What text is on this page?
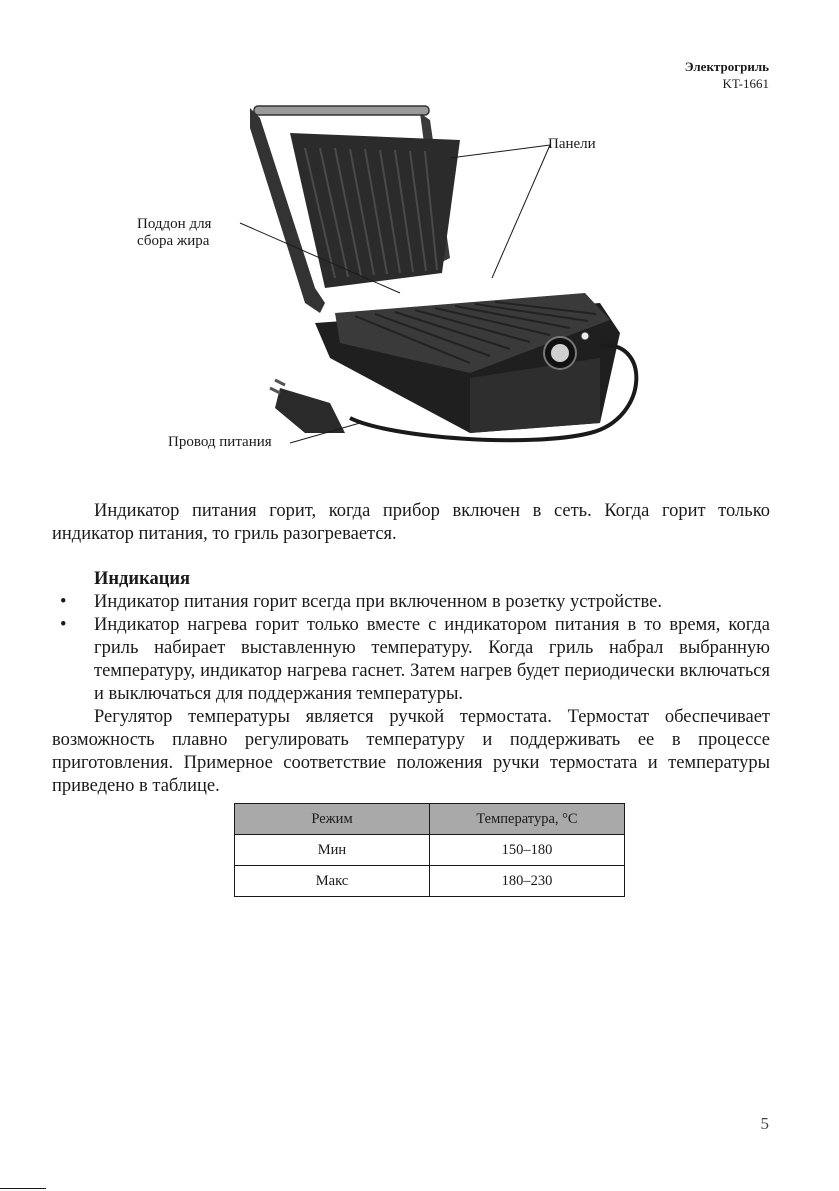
Электрогриль
KT-1661
Панели
Поддон для
сбора жира
Провод питания

Индикатор питания горит, когда прибор включен в сеть. Когда горит только индикатор питания, то гриль разогревается.

Индикация
• Индикатор питания горит всегда при включенном в розетку устройстве.
• Индикатор нагрева горит только вместе с индикатором питания в то время, когда гриль набирает выставленную температуру. Когда гриль набрал выбранную температуру, индикатор нагрева гаснет. Затем нагрев будет периодически включаться и выключаться для поддержания температуры.

Регулятор температуры является ручкой термостата. Термостат обеспечивает возможность плавно регулировать температуру и поддерживать ее в процессе приготовления. Примерное соответствие положения ручки термостата и температуры приведено в таблице.

Режим	Температура, °C
Мин	150–180
Макс	180–230
5
